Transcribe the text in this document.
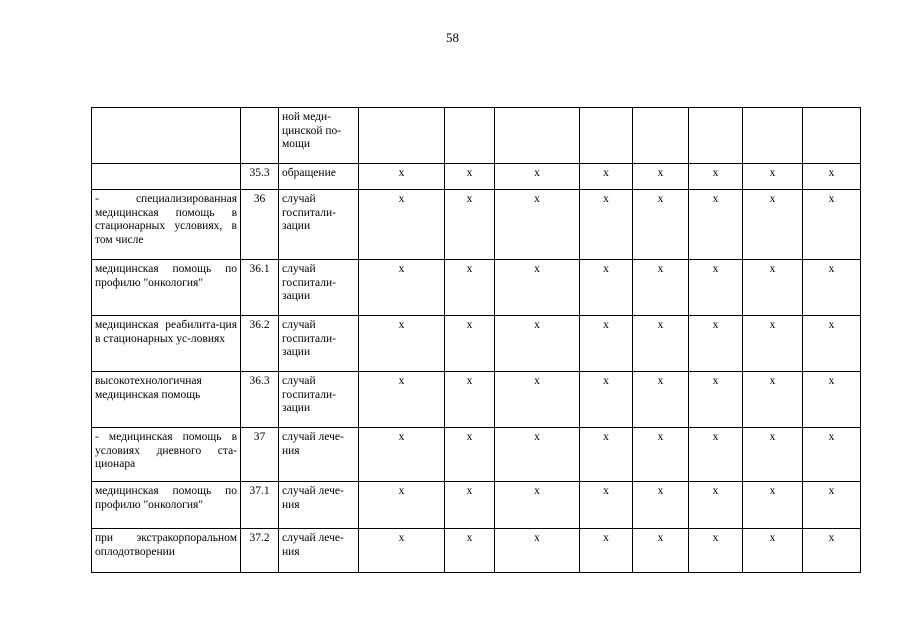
58

		ной меди-
цинской по-
мощи								

	35.3	обращение	х	х	х	х	х	х	х	х

- специализированная медицинская помощь в стационарных условиях, в том числе	36	случай
госпитали-
зации	х	х	х	х	х	х	х	х

медицинская помощь по профилю "онкология"	36.1	случай
госпитали-
зации	х	х	х	х	х	х	х	х

медицинская реабилита-ция в стационарных ус-ловиях	36.2	случай
госпитали-
зации	х	х	х	х	х	х	х	х

высокотехнологичная медицинская помощь	36.3	случай
госпитали-
зации	х	х	х	х	х	х	х	х

- медицинская помощь в условиях дневного ста-ционара	37	случай лече-
ния	х	х	х	х	х	х	х	х

медицинская помощь по профилю "онкология"	37.1	случай лече-
ния	х	х	х	х	х	х	х	х

при экстракорпоральном оплодотворении	37.2	случай лече-
ния	х	х	х	х	х	х	х	х
